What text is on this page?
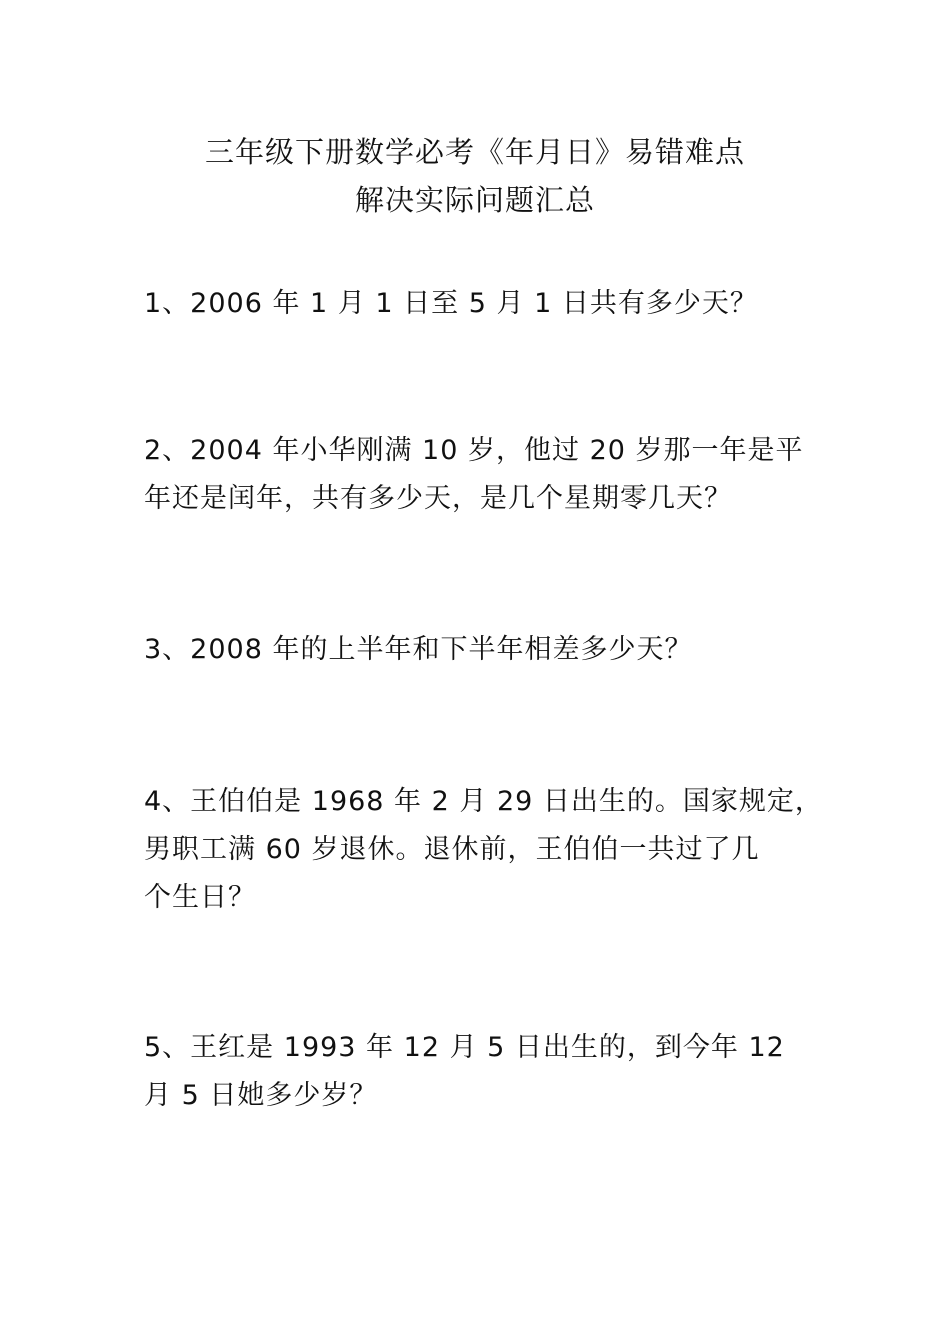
三年级下册数学必考《年月日》易错难点
解决实际问题汇总
1、2006 年 1 月 1 日至 5 月 1 日共有多少天？
2、2004 年小华刚满 10 岁，他过 20 岁那一年是平
年还是闰年，共有多少天，是几个星期零几天？
3、2008 年的上半年和下半年相差多少天？
4、王伯伯是 1968 年 2 月 29 日出生的。国家规定，
男职工满 60 岁退休。退休前，王伯伯一共过了几
个生日？
5、王红是 1993 年 12 月 5 日出生的，到今年 12
月 5 日她多少岁？
